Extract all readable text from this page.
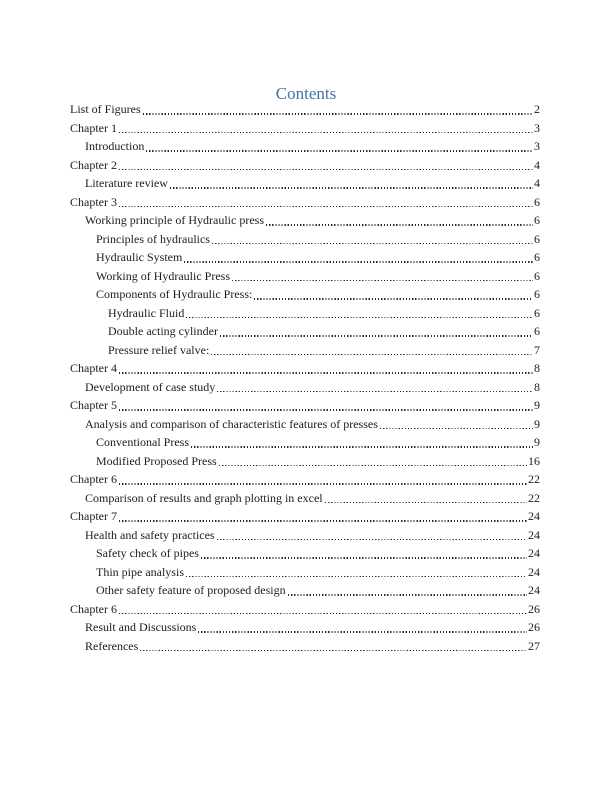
Contents
List of Figures	2
Chapter 1	3
Introduction	3
Chapter 2	4
Literature review	4
Chapter 3	6
Working principle of Hydraulic press	6
Principles of hydraulics	6
Hydraulic System	6
Working of Hydraulic Press	6
Components of Hydraulic Press:	6
Hydraulic Fluid	6
Double acting cylinder	6
Pressure relief valve:	7
Chapter 4	8
Development of case study	8
Chapter 5	9
Analysis and comparison of characteristic features of presses	9
Conventional Press	9
Modified Proposed Press	16
Chapter 6	22
Comparison of results and graph plotting in excel	22
Chapter 7	24
Health and safety practices	24
Safety check of pipes	24
Thin pipe analysis	24
Other safety feature of proposed design	24
Chapter 6	26
Result and Discussions	26
References	27
